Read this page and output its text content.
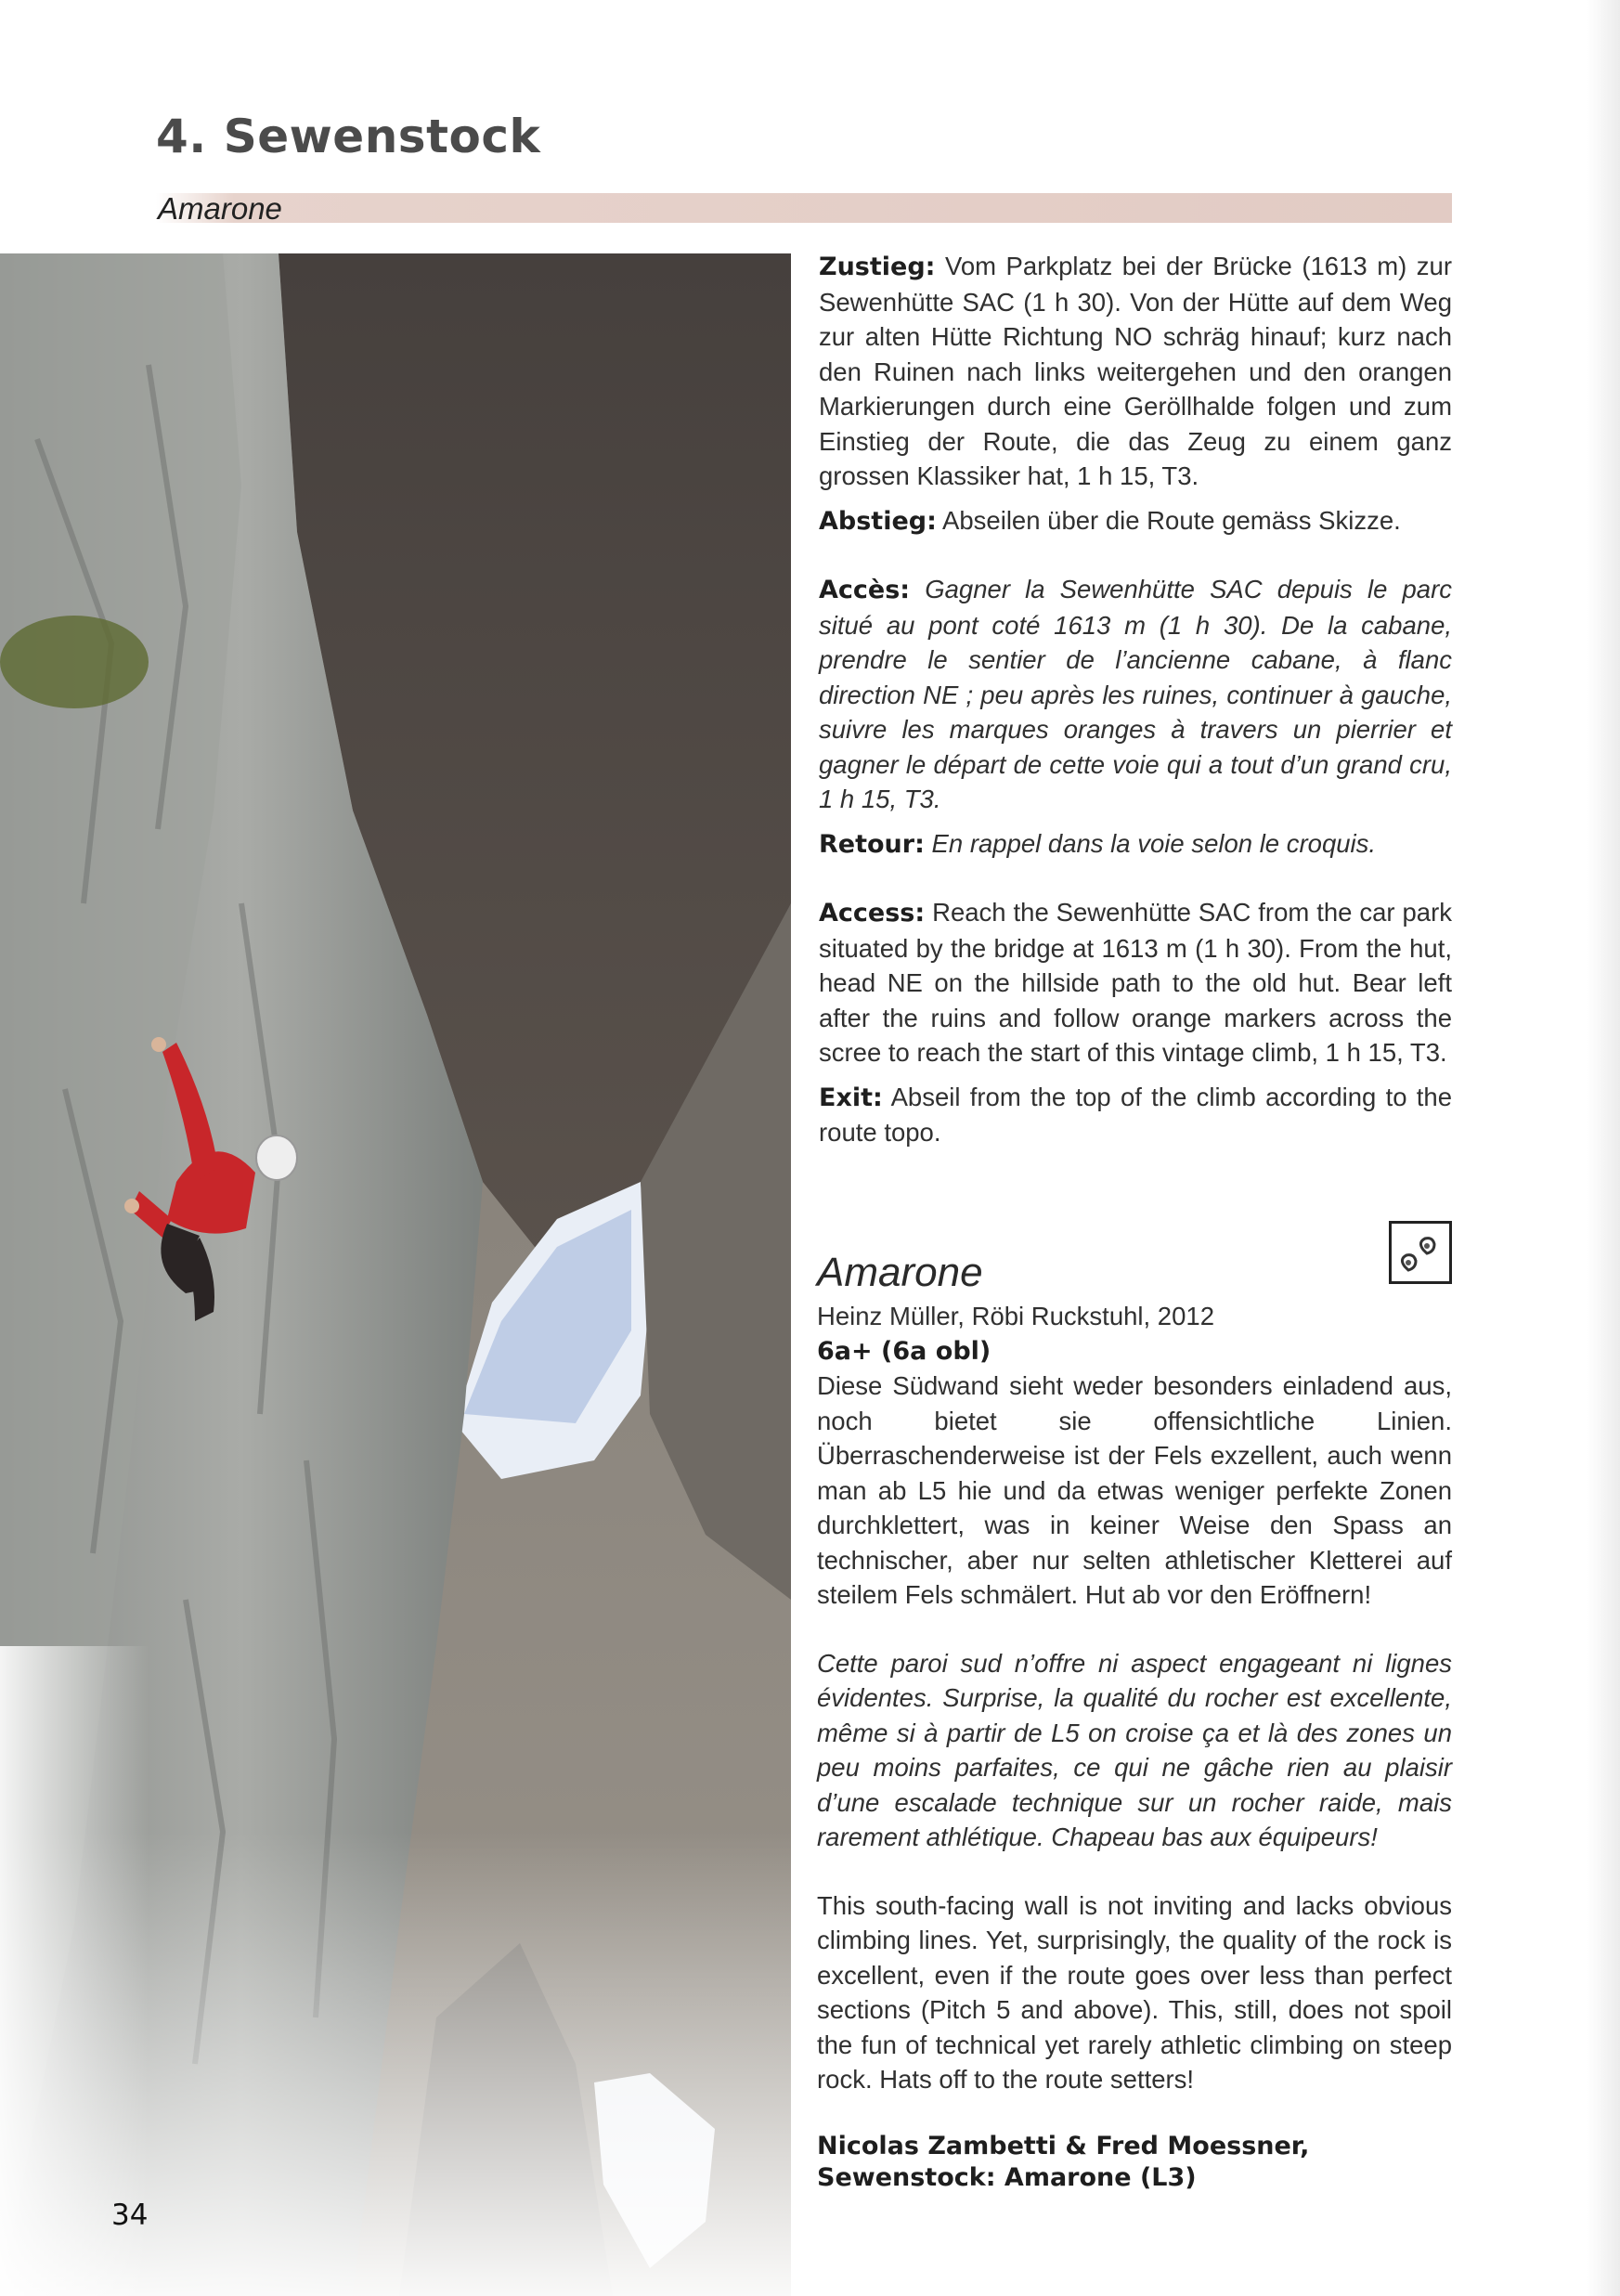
4. Sewenstock
Amarone
34

Zustieg: Vom Parkplatz bei der Brücke (1613 m) zur Sewenhütte SAC (1 h 30). Von der Hütte auf dem Weg zur alten Hütte Richtung NO schräg hinauf; kurz nach den Ruinen nach links weitergehen und den orangen Markierungen durch eine Geröllhalde folgen und zum Einstieg der Route, die das Zeug zu einem ganz grossen Klassiker hat, 1 h 15, T3.

Abstieg: Abseilen über die Route gemäss Skizze.

Accès: Gagner la Sewenhütte SAC depuis le parc situé au pont coté 1613 m (1 h 30). De la cabane, prendre le sentier de l’ancienne cabane, à flanc direction NE ; peu après les ruines, continuer à gauche, suivre les marques oranges à travers un pierrier et gagner le départ de cette voie qui a tout d’un grand cru, 1 h 15, T3.

Retour: En rappel dans la voie selon le croquis.

Access: Reach the Sewenhütte SAC from the car park situated by the bridge at 1613 m (1 h 30). From the hut, head NE on the hillside path to the old hut. Bear left after the ruins and follow orange markers across the scree to reach the start of this vintage climb, 1 h 15, T3.

Exit: Abseil from the top of the climb according to the route topo.

Amarone

Heinz Müller, Röbi Ruckstuhl, 2012

6a+ (6a obl)

Diese Südwand sieht weder besonders einladend aus, noch bietet sie offensichtliche Linien. Überraschenderweise ist der Fels exzellent, auch wenn man ab L5 hie und da etwas weniger perfekte Zonen durchklettert, was in keiner Weise den Spass an technischer, aber nur selten athletischer Kletterei auf steilem Fels schmälert. Hut ab vor den Eröffnern!

Cette paroi sud n’offre ni aspect engageant ni lignes évidentes. Surprise, la qualité du rocher est excellente, même si à partir de L5 on croise ça et là des zones un peu moins parfaites, ce qui ne gâche rien au plaisir d’une escalade technique sur un rocher raide, mais rarement athlétique. Chapeau bas aux équipeurs!

This south-facing wall is not inviting and lacks obvious climbing lines. Yet, surprisingly, the quality of the rock is excellent, even if the route goes over less than perfect sections (Pitch 5 and above). This, still, does not spoil the fun of technical yet rarely athletic climbing on steep rock. Hats off to the route setters!

Nicolas Zambetti & Fred Moessner,
Sewenstock: Amarone (L3)
